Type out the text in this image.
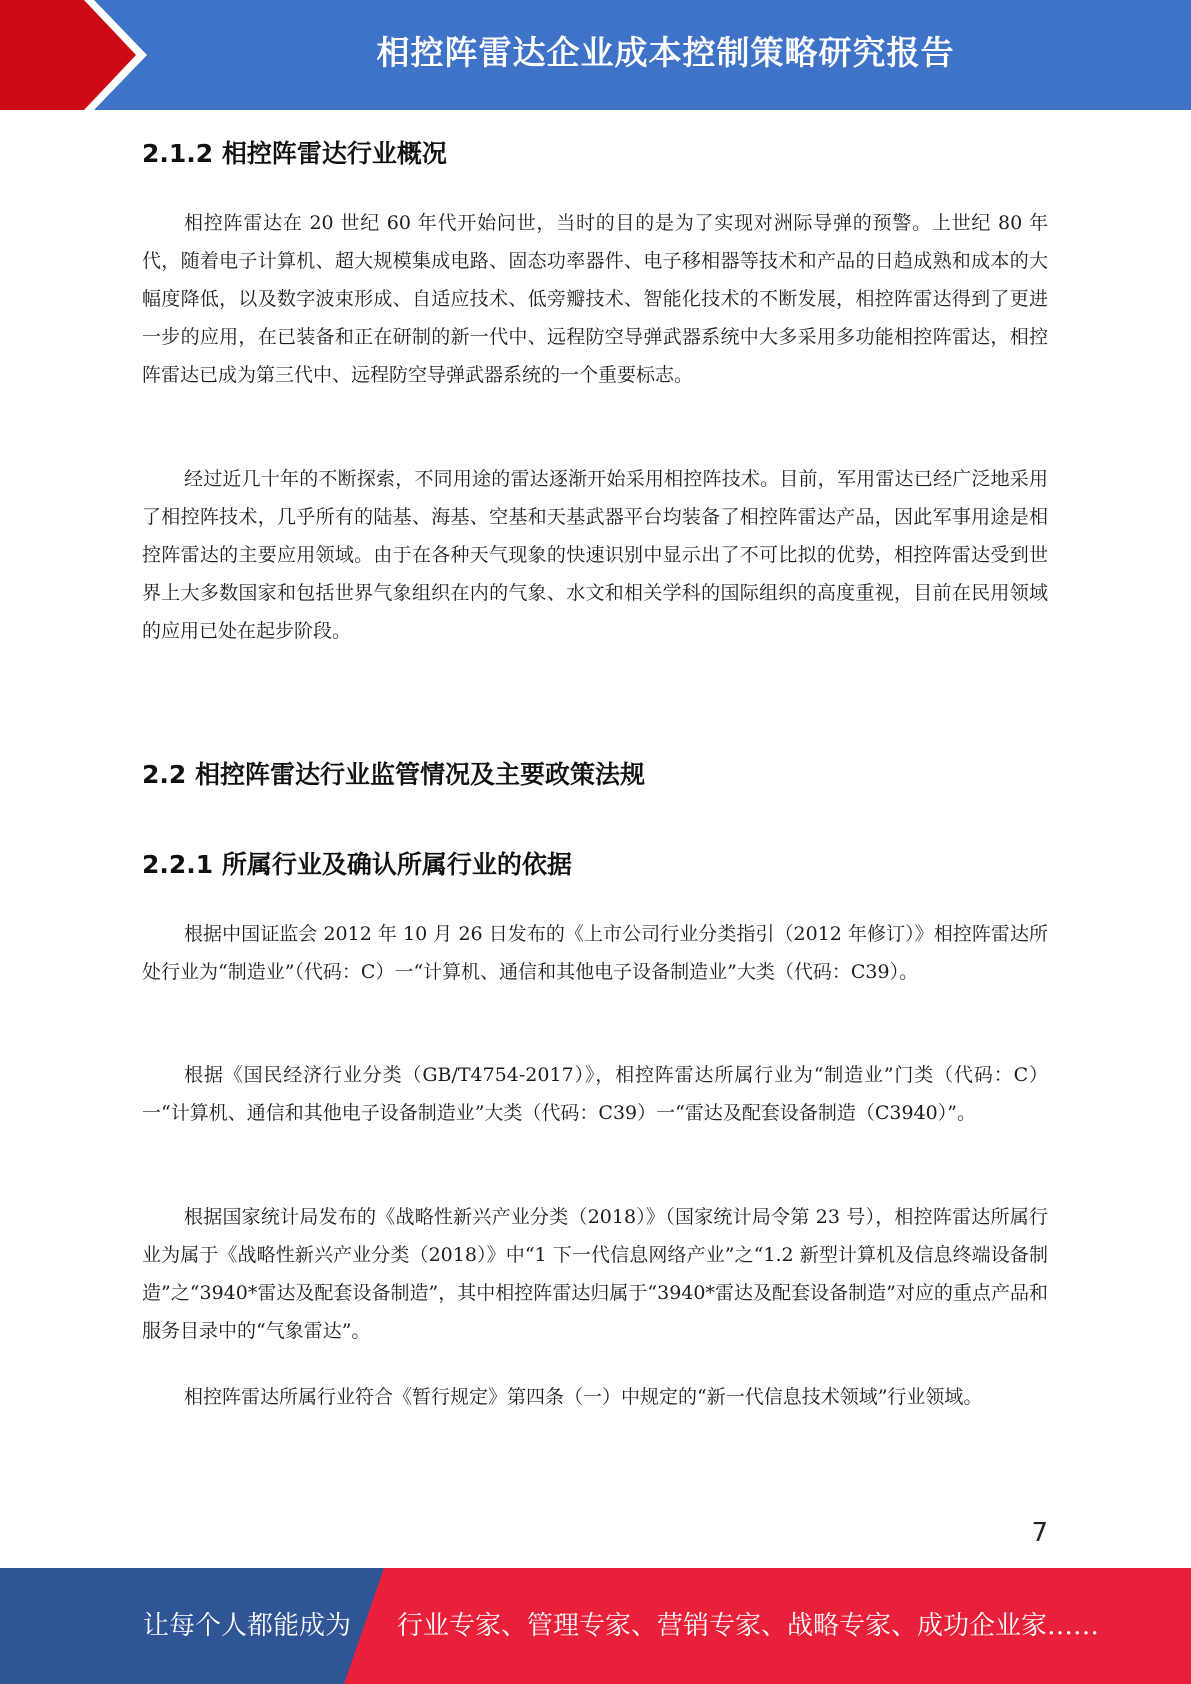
相控阵雷达企业成本控制策略研究报告
2.1.2 相控阵雷达行业概况

相控阵雷达在 20 世纪 60 年代开始问世，当时的目的是为了实现对洲际导弹的预警。上世纪 80 年代，随着电子计算机、超大规模集成电路、固态功率器件、电子移相器等技术和产品的日趋成熟和成本的大幅度降低，以及数字波束形成、自适应技术、低旁瓣技术、智能化技术的不断发展，相控阵雷达得到了更进一步的应用，在已装备和正在研制的新一代中、远程防空导弹武器系统中大多采用多功能相控阵雷达，相控阵雷达已成为第三代中、远程防空导弹武器系统的一个重要标志。

经过近几十年的不断探索，不同用途的雷达逐渐开始采用相控阵技术。目前，军用雷达已经广泛地采用了相控阵技术，几乎所有的陆基、海基、空基和天基武器平台均装备了相控阵雷达产品，因此军事用途是相控阵雷达的主要应用领域。由于在各种天气现象的快速识别中显示出了不可比拟的优势，相控阵雷达受到世界上大多数国家和包括世界气象组织在内的气象、水文和相关学科的国际组织的高度重视，目前在民用领域的应用已处在起步阶段。

2.2 相控阵雷达行业监管情况及主要政策法规
2.2.1 所属行业及确认所属行业的依据

根据中国证监会 2012 年 10 月 26 日发布的《上市公司行业分类指引（2012 年修订）》相控阵雷达所处行业为“制造业”（代码：C）一“计算机、通信和其他电子设备制造业”大类（代码：C39）。

根据《国民经济行业分类（GB/T4754-2017）》，相控阵雷达所属行业为“制造业”门类（代码：C）一“计算机、通信和其他电子设备制造业”大类（代码：C39）一“雷达及配套设备制造（C3940）”。

根据国家统计局发布的《战略性新兴产业分类（2018）》（国家统计局令第 23 号），相控阵雷达所属行业为属于《战略性新兴产业分类（2018）》中“1 下一代信息网络产业”之“1.2 新型计算机及信息终端设备制造”之“3940*雷达及配套设备制造”，其中相控阵雷达归属于“3940*雷达及配套设备制造”对应的重点产品和服务目录中的“气象雷达”。

相控阵雷达所属行业符合《暂行规定》第四条（一）中规定的“新一代信息技术领域”行业领域。

7
让每个人都能成为 行业专家、管理专家、营销专家、战略专家、成功企业家……
